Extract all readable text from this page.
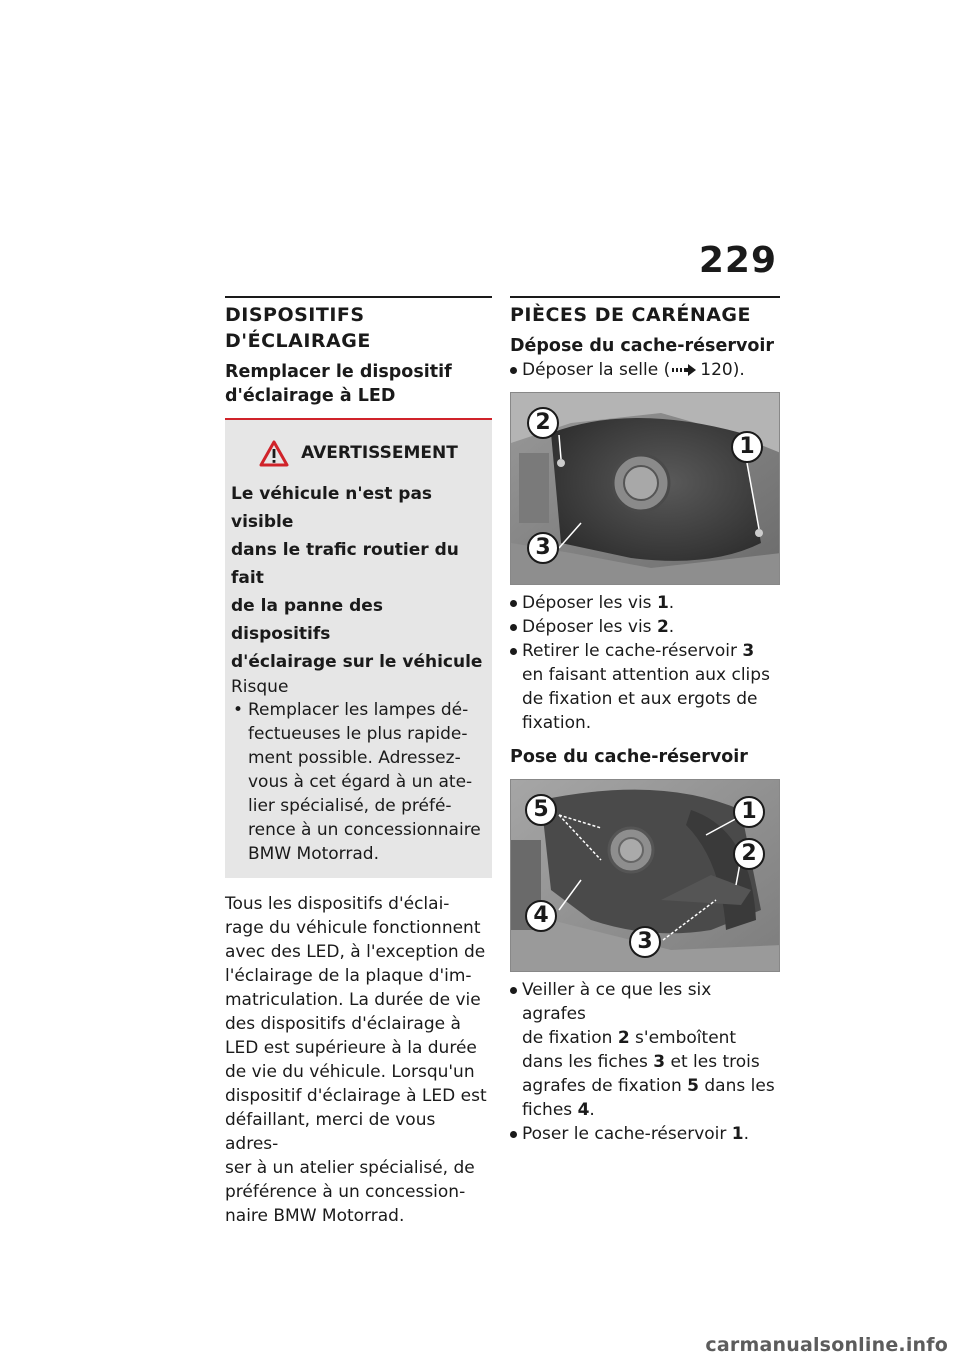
229
DISPOSITIFS D'ÉCLAIRAGE
Remplacer le dispositif
d'éclairage à LED
AVERTISSEMENT
Le véhicule n'est pas visible
dans le trafic routier du fait
de la panne des dispositifs
d'éclairage sur le véhicule
Risque
• Remplacer les lampes dé-
fectueuses le plus rapide-
ment possible. Adressez-
vous à cet égard à un ate-
lier spécialisé, de préfé-
rence à un concessionnaire
BMW Motorrad.
Tous les dispositifs d'éclai-
rage du véhicule fonctionnent
avec des LED, à l'exception de
l'éclairage de la plaque d'im-
matriculation. La durée de vie
des dispositifs d'éclairage à
LED est supérieure à la durée
de vie du véhicule. Lorsqu'un
dispositif d'éclairage à LED est
défaillant, merci de vous adres-
ser à un atelier spécialisé, de
préférence à un concession-
naire BMW Motorrad.
PIÈCES DE CARÉNAGE
Dépose du cache-réservoir
Déposer la selle ( 120).
2
1
3
Déposer les vis 1.
Déposer les vis 2.
Retirer le cache-réservoir 3
en faisant attention aux clips
de fixation et aux ergots de
fixation.
Pose du cache-réservoir
5	1
2
4
3
Veiller à ce que les six agrafes
de fixation 2 s'emboîtent
dans les fiches 3 et les trois
agrafes de fixation 5 dans les
fiches 4.
Poser le cache-réservoir 1.
carmanualsonline.info
